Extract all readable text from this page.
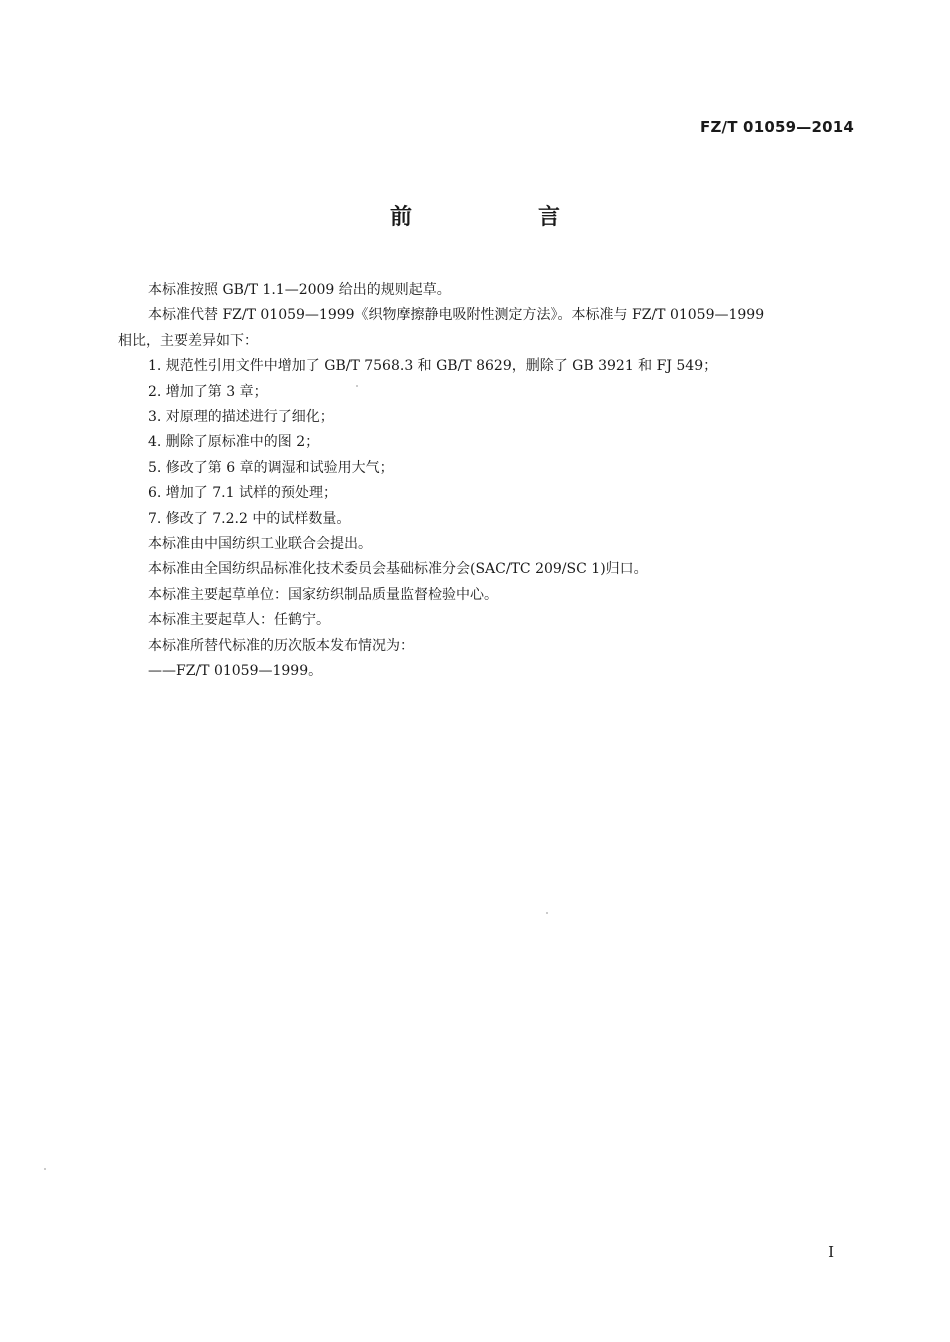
FZ/T 01059—2014
前　言

本标准按照 GB/T 1.1—2009 给出的规则起草。

本标准代替 FZ/T 01059—1999《织物摩擦静电吸附性测定方法》。本标准与 FZ/T 01059—1999

相比，主要差异如下：

1. 规范性引用文件中增加了 GB/T 7568.3 和 GB/T 8629，删除了 GB 3921 和 FJ 549；

2. 增加了第 3 章；

3. 对原理的描述进行了细化；

4. 删除了原标准中的图 2；

5. 修改了第 6 章的调湿和试验用大气；

6. 增加了 7.1 试样的预处理；

7. 修改了 7.2.2 中的试样数量。

本标准由中国纺织工业联合会提出。

本标准由全国纺织品标准化技术委员会基础标准分会(SAC/TC 209/SC 1)归口。

本标准主要起草单位：国家纺织制品质量监督检验中心。

本标准主要起草人：任鹤宁。

本标准所替代标准的历次版本发布情况为：

——FZ/T 01059—1999。

I
